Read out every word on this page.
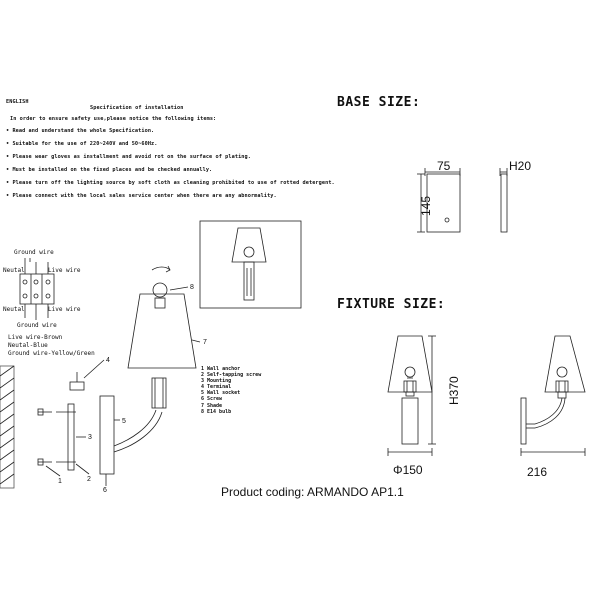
ENGLISH
Specification of installation
In order to ensure safety use,please notice the following items:
• Read and understand the whole Specification.
• Suitable for the use of 220~240V and 50~60Hz.
• Please wear gloves as installment and avoid rot on the surface of plating.
• Must be installed on the fixed places and be checked annually.
• Please turn off the lighting source by soft cloth as cleaning prohibited to use of rotted detergent.
• Please connect with the local sales service center when there are any abnormality.
BASE SIZE:
FIXTURE SIZE:
75	H20
145
H370
Φ150	216
Ground wire
Neutal	Live wire
Neutal	Live wire
Ground wire
Live wire-Brown
Neutal-Blue
Ground wire-Yellow/Green
4
3
5
1	2
6
7
8
1 Wall anchor
2 Self-tapping screw
3 Mounting
4 Terminal
5 Wall socket
6 Screw
7 Shade
8 E14 bulb
Product coding: ARMANDO AP1.1
